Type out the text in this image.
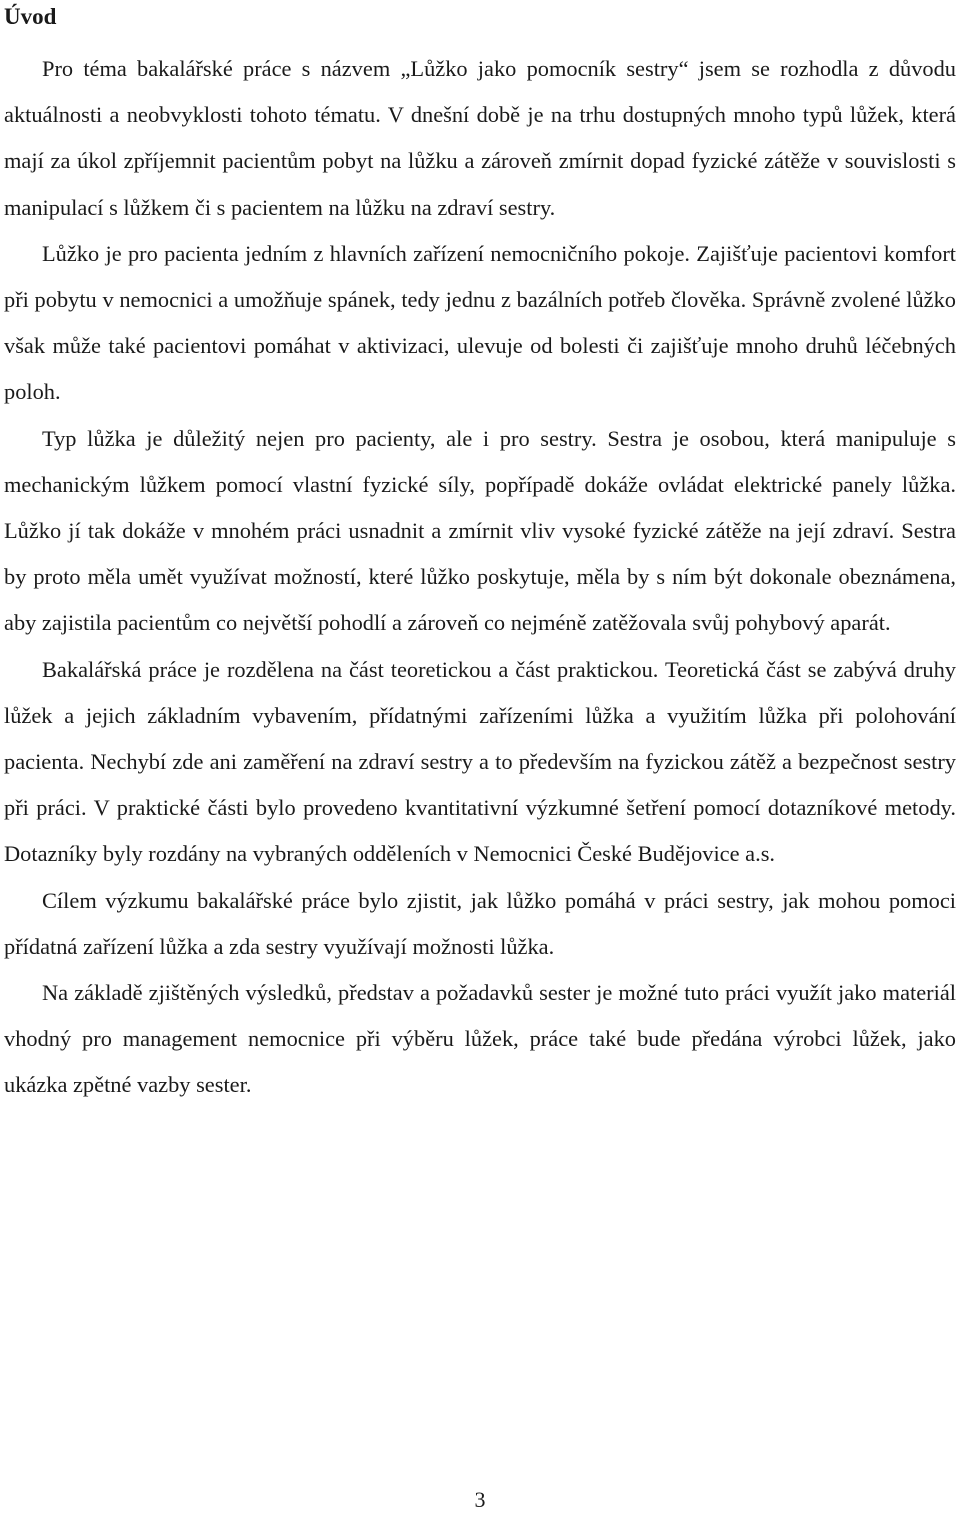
Úvod

Pro téma bakalářské práce s názvem „Lůžko jako pomocník sestry“ jsem se rozhodla z důvodu aktuálnosti a neobvyklosti tohoto tématu. V dnešní době je na trhu dostupných mnoho typů lůžek, která mají za úkol zpříjemnit pacientům pobyt na lůžku a zároveň zmírnit dopad fyzické zátěže v souvislosti s manipulací s lůžkem či s pacientem na lůžku na zdraví sestry.

Lůžko je pro pacienta jedním z hlavních zařízení nemocničního pokoje. Zajišťuje pacientovi komfort při pobytu v nemocnici a umožňuje spánek, tedy jednu z bazálních potřeb člověka. Správně zvolené lůžko však může také pacientovi pomáhat v aktivizaci, ulevuje od bolesti či zajišťuje mnoho druhů léčebných poloh.

Typ lůžka je důležitý nejen pro pacienty, ale i pro sestry. Sestra je osobou, která manipuluje s mechanickým lůžkem pomocí vlastní fyzické síly, popřípadě dokáže ovládat elektrické panely lůžka. Lůžko jí tak dokáže v mnohém práci usnadnit a zmírnit vliv vysoké fyzické zátěže na její zdraví. Sestra by proto měla umět využívat možností, které lůžko poskytuje, měla by s ním být dokonale obeznámena, aby zajistila pacientům co největší pohodlí a zároveň co nejméně zatěžovala svůj pohybový aparát.

Bakalářská práce je rozdělena na část teoretickou a část praktickou. Teoretická část se zabývá druhy lůžek a jejich základním vybavením, přídatnými zařízeními lůžka a využitím lůžka při polohování pacienta. Nechybí zde ani zaměření na zdraví sestry a to především na fyzickou zátěž a bezpečnost sestry při práci. V praktické části bylo provedeno kvantitativní výzkumné šetření pomocí dotazníkové metody. Dotazníky byly rozdány na vybraných odděleních v Nemocnici České Budějovice a.s.

Cílem výzkumu bakalářské práce bylo zjistit, jak lůžko pomáhá v práci sestry, jak mohou pomoci přídatná zařízení lůžka a zda sestry využívají možnosti lůžka.

Na základě zjištěných výsledků, představ a požadavků sester je možné tuto práci využít jako materiál vhodný pro management nemocnice při výběru lůžek, práce také bude předána výrobci lůžek, jako ukázka zpětné vazby sester.

3
